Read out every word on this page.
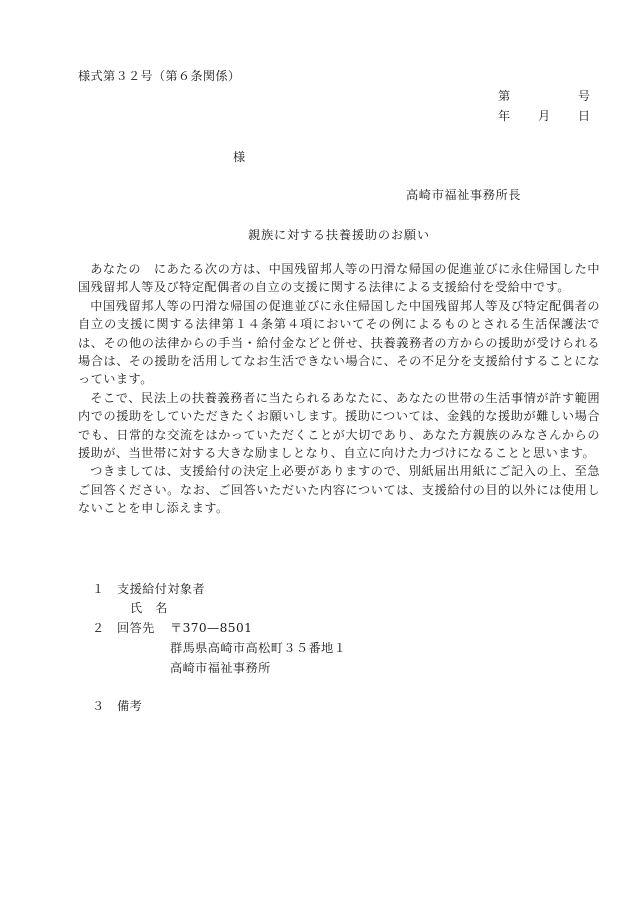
様式第３２号（第６条関係）
第	号
年 月 日
様
高崎市福祉事務所長
親族に対する扶養援助のお願い

あなたの　にあたる次の方は、中国残留邦人等の円滑な帰国の促進並びに永住帰国した中国残留邦人等及び特定配偶者の自立の支援に関する法律による支援給付を受給中です。

中国残留邦人等の円滑な帰国の促進並びに永住帰国した中国残留邦人等及び特定配偶者の自立の支援に関する法律第１４条第４項においてその例によるものとされる生活保護法では、その他の法律からの手当・給付金などと併せ、扶養義務者の方からの援助が受けられる場合は、その援助を活用してなお生活できない場合に、その不足分を支援給付することになっています。

そこで、民法上の扶養義務者に当たられるあなたに、あなたの世帯の生活事情が許す範囲内での援助をしていただきたくお願いします。援助については、金銭的な援助が難しい場合でも、日常的な交流をはかっていただくことが大切であり、あなた方親族のみなさんからの援助が、当世帯に対する大きな励ましとなり、自立に向けた力づけになることと思います。

つきましては、支援給付の決定上必要がありますので、別紙届出用紙にご記入の上、至急ご回答ください。なお、ご回答いただいた内容については、支援給付の目的以外には使用しないことを申し添えます。

１ 支援給付対象者
氏　名
２ 回答先 〒370—8501
群馬県高崎市高松町３５番地１
高崎市福祉事務所
３ 備考
